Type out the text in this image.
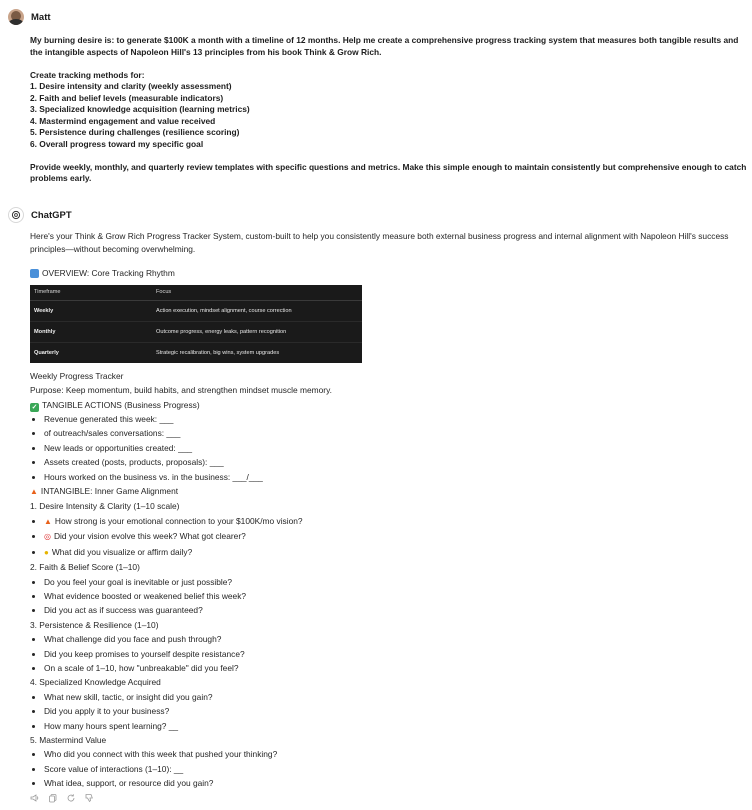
Matt

My burning desire is: to generate $100K a month with a timeline of 12 months. Help me create a comprehensive progress tracking system that measures both tangible results and the intangible aspects of Napoleon Hill's 13 principles from his book Think & Grow Rich.

Create tracking methods for:
1. Desire intensity and clarity (weekly assessment)
2. Faith and belief levels (measurable indicators)
3. Specialized knowledge acquisition (learning metrics)
4. Mastermind engagement and value received
5. Persistence during challenges (resilience scoring)
6. Overall progress toward my specific goal

Provide weekly, monthly, and quarterly review templates with specific questions and metrics. Make this simple enough to maintain consistently but comprehensive enough to catch problems early.

ChatGPT

Here's your Think & Grow Rich Progress Tracker System, custom-built to help you consistently measure both external business progress and internal alignment with Napoleon Hill's success principles—without becoming overwhelming.

OVERVIEW: Core Tracking Rhythm

Timeframe	Focus
Weekly	Action execution, mindset alignment, course correction
Monthly	Outcome progress, energy leaks, pattern recognition
Quarterly	Strategic recalibration, big wins, system upgrades

Weekly Progress Tracker

Purpose: Keep momentum, build habits, and strengthen mindset muscle memory.

✓ TANGIBLE ACTIONS (Business Progress)

• Revenue generated this week: ___
• of outreach/sales conversations: ___
• New leads or opportunities created: ___
• Assets created (posts, products, proposals): ___
• Hours worked on the business vs. in the business: ___/___

▲ INTANGIBLE: Inner Game Alignment

1. Desire Intensity & Clarity (1–10 scale)

• ▲ How strong is your emotional connection to your $100K/mo vision?
• ◎ Did your vision evolve this week? What got clearer?
• ● What did you visualize or affirm daily?

2. Faith & Belief Score (1–10)

• Do you feel your goal is inevitable or just possible?
• What evidence boosted or weakened belief this week?
• Did you act as if success was guaranteed?

3. Persistence & Resilience (1–10)

• What challenge did you face and push through?
• Did you keep promises to yourself despite resistance?
• On a scale of 1–10, how "unbreakable" did you feel?

4. Specialized Knowledge Acquired

• What new skill, tactic, or insight did you gain?
• Did you apply it to your business?
• How many hours spent learning? __

5. Mastermind Value

• Who did you connect with this week that pushed your thinking?
• Score value of interactions (1–10): __
• What idea, support, or resource did you gain?
